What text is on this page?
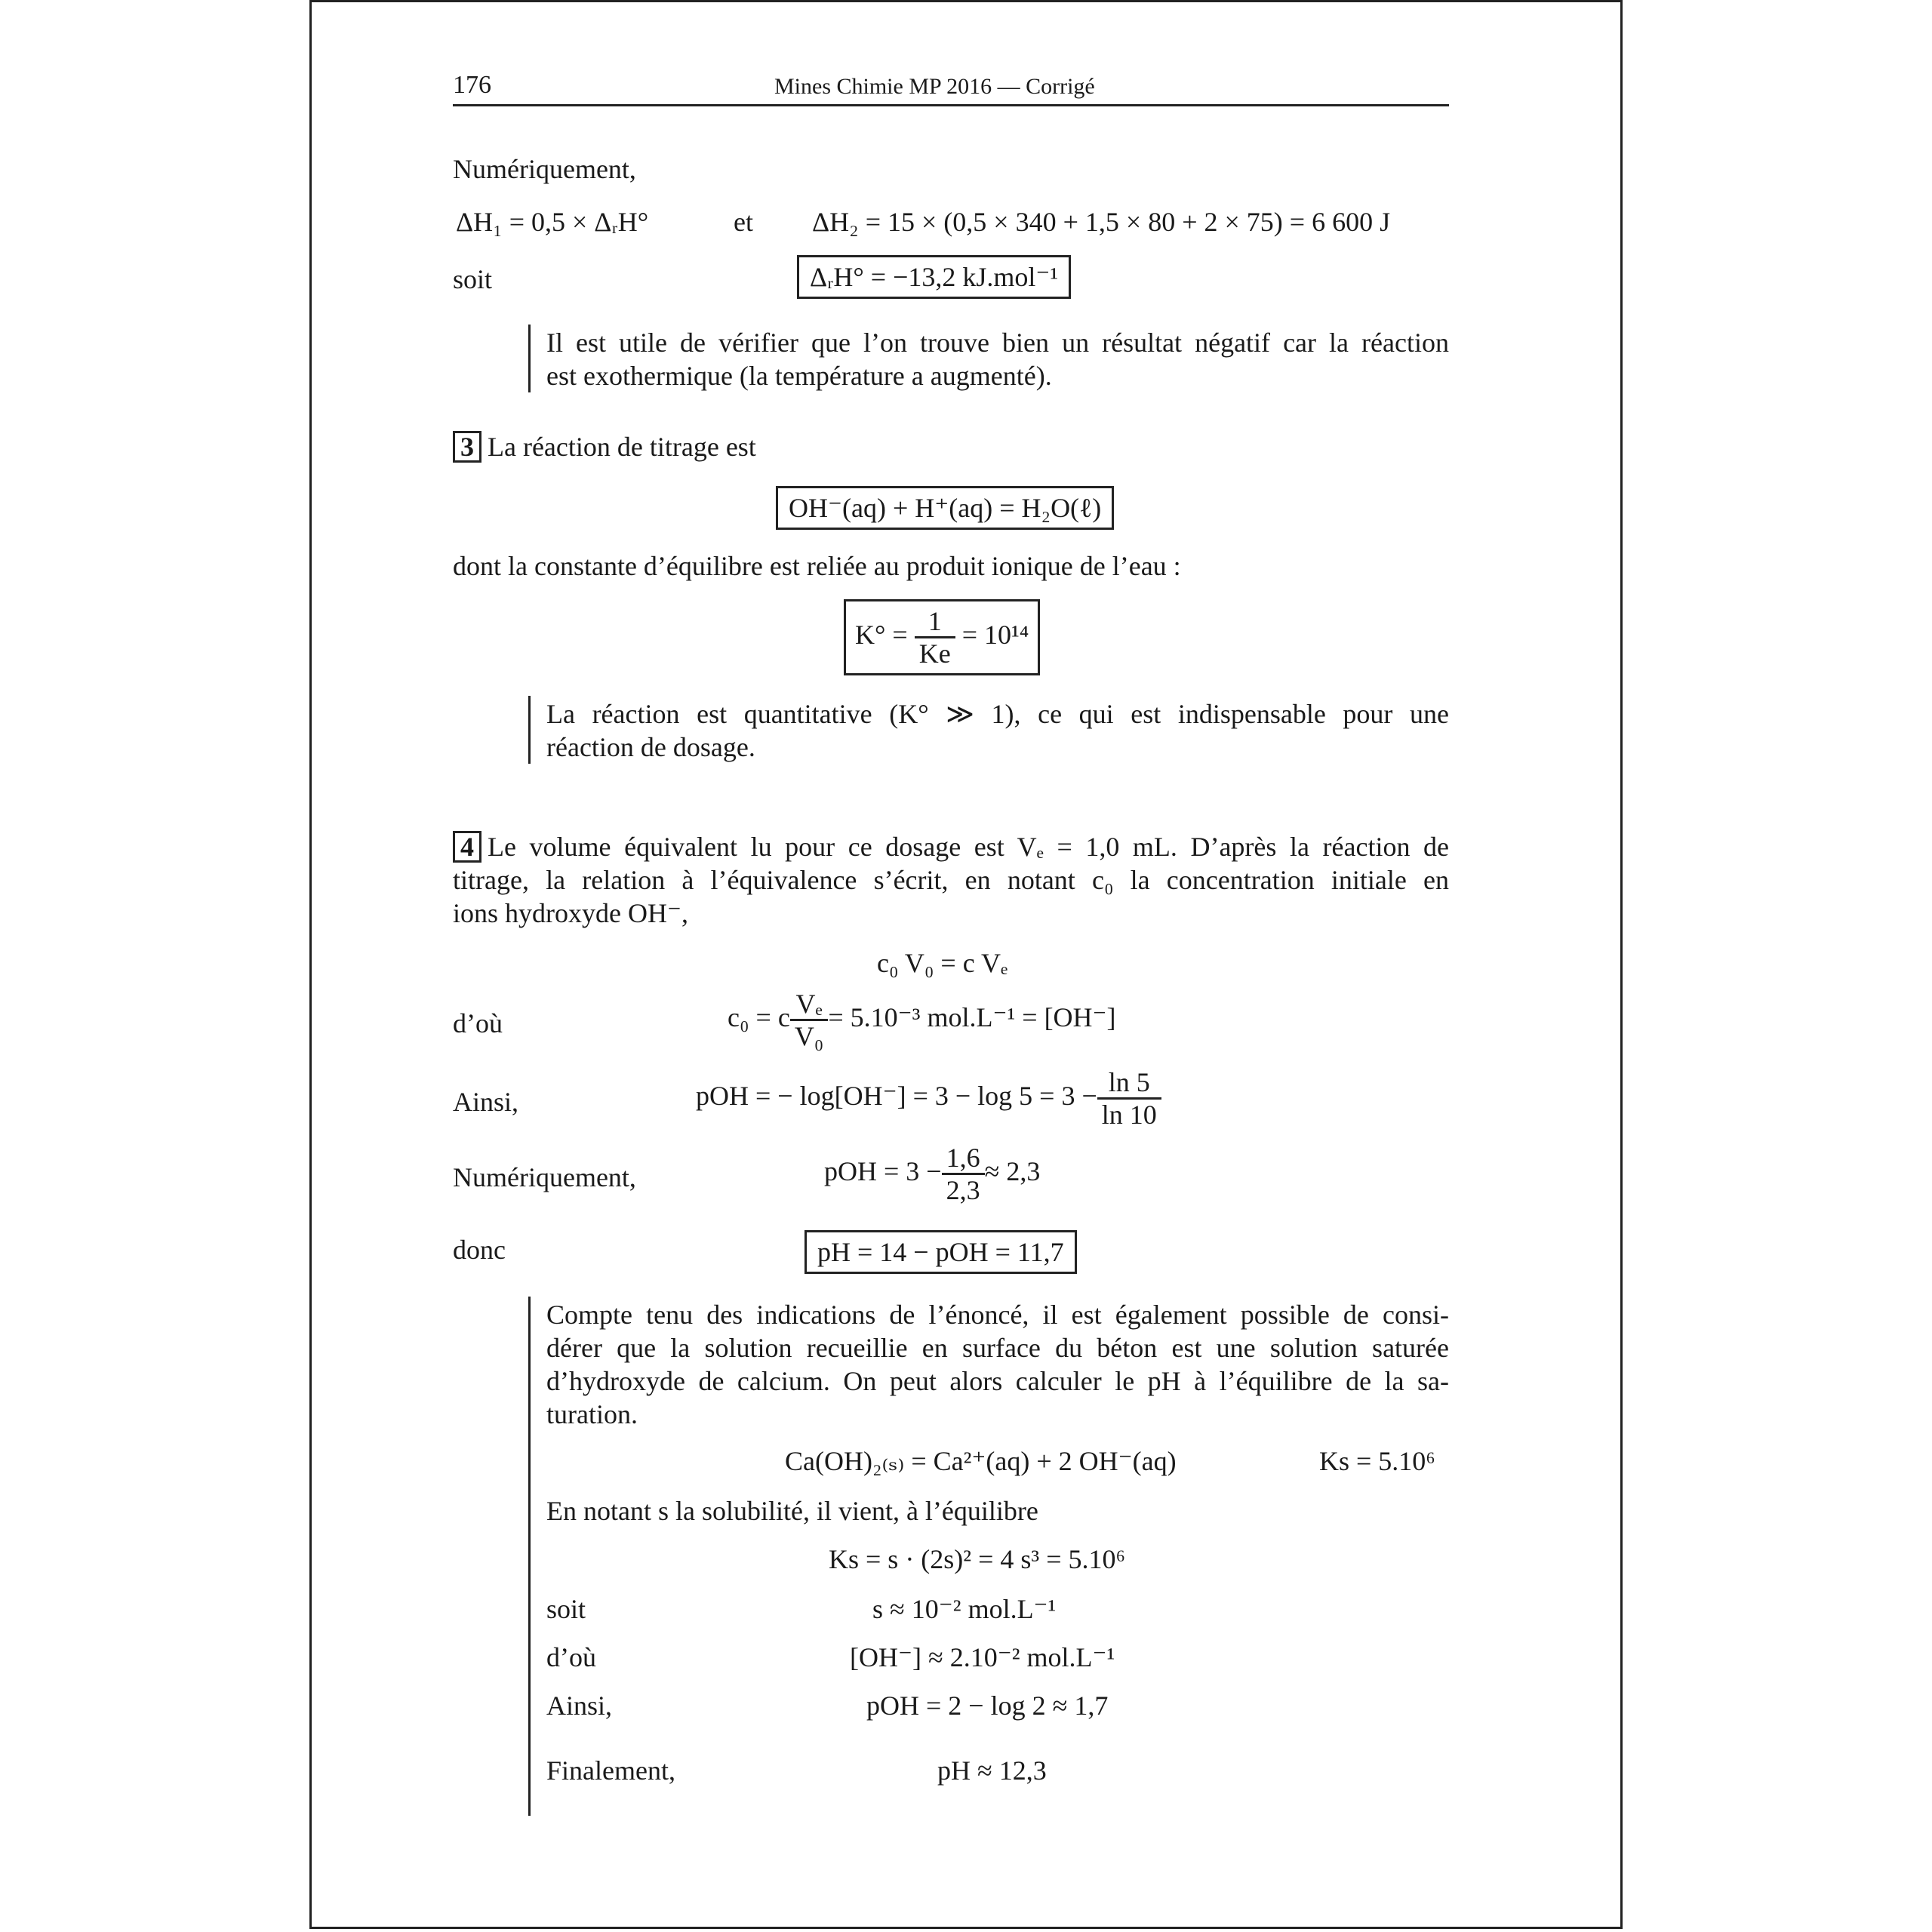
176	Mines Chimie MP 2016 — Corrigé
Numériquement,
ΔH₁ = 0,5 × ΔᵣH°	et ΔH₂ = 15 × (0,5 × 340 + 1,5 × 80 + 2 × 75) = 6 600 J
soit	ΔᵣH° = −13,2 kJ.mol⁻¹
Il est utile de vérifier que l’on trouve bien un résultat négatif car la réaction
est exothermique (la température a augmenté).
3 La réaction de titrage est
OH⁻(aq) + H⁺(aq) = H₂O(ℓ)
dont la constante d’équilibre est reliée au produit ionique de l’eau :
$K^\circ = \frac{1}{Ke} = 10^{14}$
La réaction est quantitative (K° ≫ 1), ce qui est indispensable pour une
réaction de dosage.
4 Le volume équivalent lu pour ce dosage est Vₑ = 1,0 mL. D’après la réaction de
titrage, la relation à l’équivalence s’écrit, en notant c₀ la concentration initiale en
ions hydroxyde OH⁻,
c₀ V₀ = c Vₑ
d’où	c₀ = c $\frac{\text{Vₑ}}{\text{V₀}} = 5.10^{-3}$ mol.L⁻¹ = [OH⁻]
Ainsi,	pOH = − $\log[OH^-] = 3 - \log 5 = 3 - \frac{\ln 5}{\ln 10}$
Numériquement,	pOH = $3 - \frac{1,6}{2,3} \approx 2,3$
donc	pH = 14 − pOH = 11,7
Compte tenu des indications de l’énoncé, il est également possible de consi-
dérer que la solution recueillie en surface du béton est une solution saturée
d’hydroxyde de calcium. On peut alors calculer le pH à l’équilibre de la sa-
turation.
Ca(OH)₂₍ₛ₎ = Ca²⁺(aq) + 2 OH⁻(aq)	Ks = 5.10⁶
En notant s la solubilité, il vient, à l’équilibre
Ks = s · (2s)² = 4 s³ = 5.10⁶
soit	s ≈ 10⁻² mol.L⁻¹
d’où	[OH⁻] ≈ 2.10⁻² mol.L⁻¹
Ainsi,	pOH = 2 − log 2 ≈ 1,7
Finalement,	pH ≈ 12,3
